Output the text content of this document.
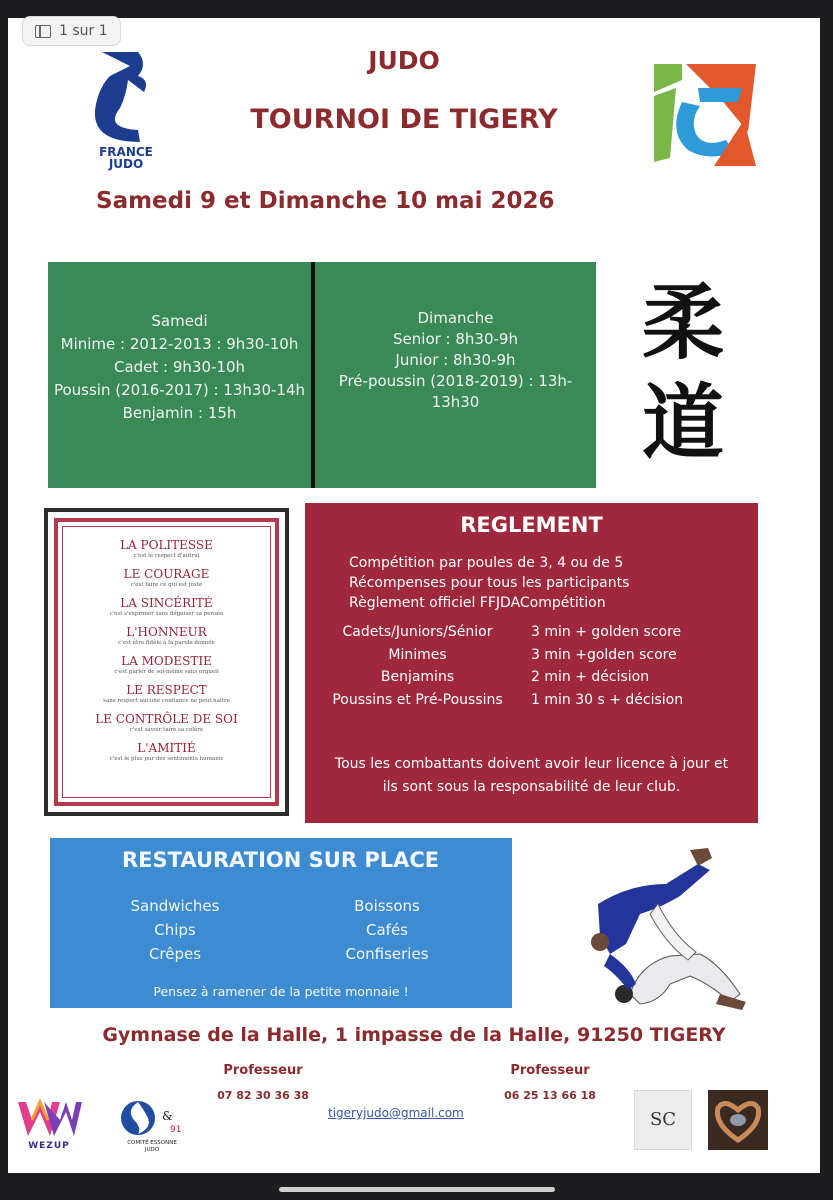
1 sur 1
FRANCE
JUDO
JUDO
TOURNOI DE TIGERY
Samedi 9 et Dimanche 10 mai 2026
Samedi
Minime : 2012-2013 : 9h30-10h
Cadet : 9h30-10h
Poussin (2016-2017) : 13h30-14h
Benjamin : 15h
Dimanche
Senior : 8h30-9h
Junior : 8h30-9h
Pré-poussin (2018-2019) : 13h-13h30
柔
道
LA POLITESSE
c'est le respect d'autrui
LE COURAGE
c'est faire ce qui est juste
LA SINCÉRITÉ
c'est s'exprimer sans déguiser sa pensée
L'HONNEUR
c'est être fidèle à la parole donnée
LA MODESTIE
c'est parler de soi-même sans orgueil
LE RESPECT
sans respect aucune confiance ne peut naître
LE CONTRÔLE DE SOI
c'est savoir taire sa colère
L'AMITIÉ
c'est le plus pur des sentiments humains
REGLEMENT
Compétition par poules de 3, 4 ou de 5
Récompenses pour tous les participants
Règlement officiel FFJDACompétition
Cadets/Juniors/Sénior	3 min + golden score
Minimes	3 min +golden score
Benjamins	2 min + décision
Poussins et Pré-Poussins	1 min 30 s + décision
Tous les combattants doivent avoir leur licence à jour et
ils sont sous la responsabilité de leur club.
RESTAURATION SUR PLACE
Sandwiches
Chips
Crêpes
Boissons
Cafés
Confiseries
Pensez à ramener de la petite monnaie !
Gymnase de la Halle, 1 impasse de la Halle, 91250 TIGERY
Professeur
07 82 30 36 38
Professeur
06 25 13 66 18
tigeryjudo@gmail.com
WEZUP
&
91
COMITÉ ESSONNE
JUDO
SC
